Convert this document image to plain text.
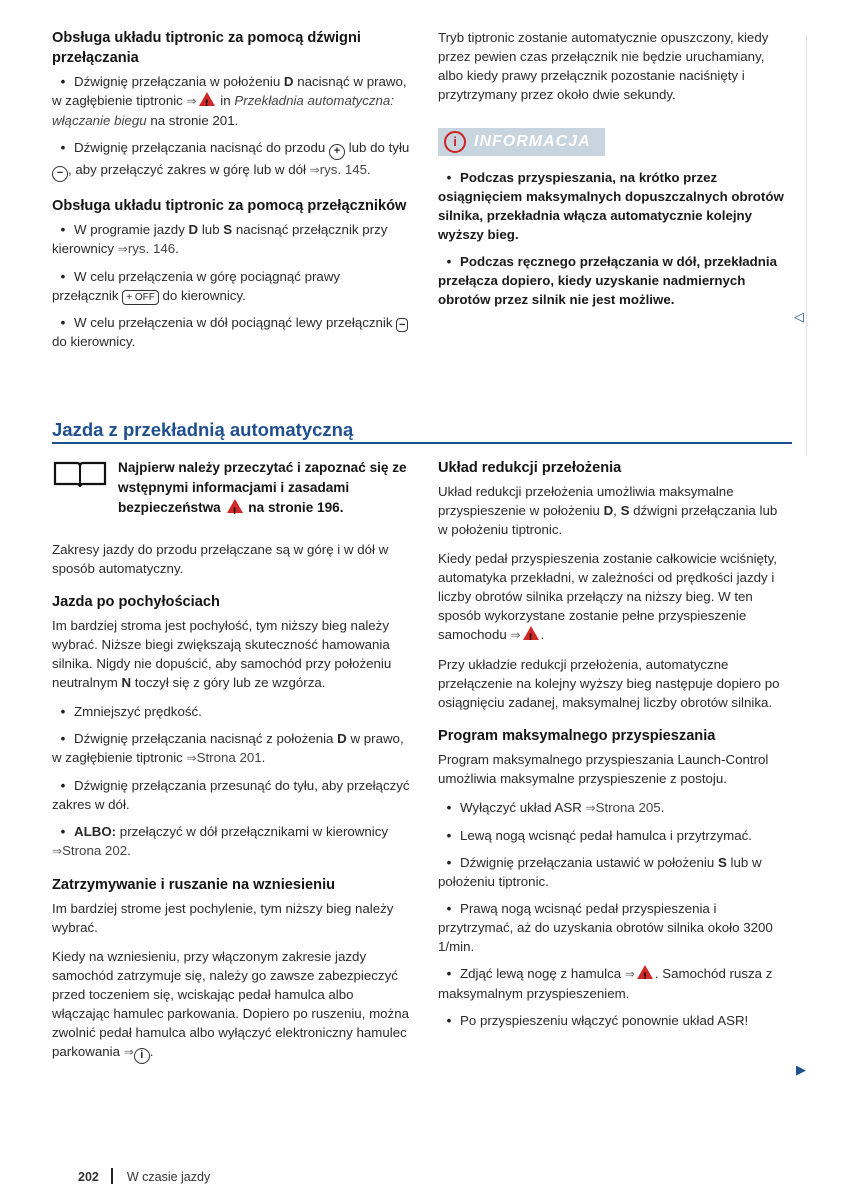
Obsługa układu tiptronic za pomocą dźwigni przełączania
• Dźwignię przełączania w położeniu D nacisnąć w prawo, w zagłębienie tiptronic ⇒! in Przekładnia automatyczna: włączanie biegu na stronie 201.
• Dźwignię przełączania nacisnąć do przodu + lub do tyłu − , aby przełączyć zakres w górę lub w dół ⇒rys. 145.
Obsługa układu tiptronic za pomocą przełączników
• W programie jazdy D lub S nacisnąć przełącznik przy kierownicy ⇒rys. 146.
• W celu przełączenia w górę pociągnąć prawy przełącznik + OFF do kierownicy.
• W celu przełączenia w dół pociągnąć lewy przełącznik − do kierownicy.

Tryb tiptronic zostanie automatycznie opuszczony, kiedy przez pewien czas przełącznik nie będzie uruchamiany, albo kiedy prawy przełącznik pozostanie naciśnięty i przytrzymany przez około dwie sekundy.

i INFORMACJA
• Podczas przyspieszania, na krótko przez osiągnięciem maksymalnych dopuszczalnych obrotów silnika, przekładnia włącza automatycznie kolejny wyższy bieg.
• Podczas ręcznego przełączania w dół, przekładnia przełącza dopiero, kiedy uzyskanie nadmiernych obrotów przez silnik nie jest możliwe.
◁
Jazda z przekładnią automatyczną
Najpierw należy przeczytać i zapoznać się ze wstępnymi informacjami i zasadami bezpieczeństwa ! na stronie 196.

Zakresy jazdy do przodu przełączane są w górę i w dół w sposób automatyczny.

Jazda po pochyłościach

Im bardziej stroma jest pochyłość, tym niższy bieg należy wybrać. Niższe biegi zwiększają skuteczność hamowania silnika. Nigdy nie dopuścić, aby samochód przy położeniu neutralnym N toczył się z góry lub ze wzgórza.

• Zmniejszyć prędkość.
• Dźwignię przełączania nacisnąć z położenia D w prawo, w zagłębienie tiptronic ⇒Strona 201.
• Dźwignię przełączania przesunąć do tyłu, aby przełączyć zakres w dół.
• ALBO: przełączyć w dół przełącznikami w kierownicy ⇒Strona 202.
Zatrzymywanie i ruszanie na wzniesieniu

Im bardziej strome jest pochylenie, tym niższy bieg należy wybrać.

Kiedy na wzniesieniu, przy włączonym zakresie jazdy samochód zatrzymuje się, należy go zawsze zabezpieczyć przed toczeniem się, wciskając pedał hamulca albo włączając hamulec parkowania. Dopiero po ruszeniu, można zwolnić pedał hamulca albo wyłączyć elektroniczny hamulec parkowania ⇒ i .

Układ redukcji przełożenia

Układ redukcji przełożenia umożliwia maksymalne przyspieszenie w położeniu D, S dźwigni przełączania lub w położeniu tiptronic.

Kiedy pedał przyspieszenia zostanie całkowicie wciśnięty, automatyka przekładni, w zależności od prędkości jazdy i liczby obrotów silnika przełączy na niższy bieg. W ten sposób wykorzystane zostanie pełne przyspieszenie samochodu ⇒ ! .

Przy układzie redukcji przełożenia, automatyczne przełączenie na kolejny wyższy bieg następuje dopiero po osiągnięciu zadanej, maksymalnej liczby obrotów silnika.

Program maksymalnego przyspieszania

Program maksymalnego przyspieszania Launch-Control umożliwia maksymalne przyspieszenie z postoju.

• Wyłączyć układ ASR ⇒Strona 205.
• Lewą nogą wcisnąć pedał hamulca i przytrzymać.
• Dźwignię przełączania ustawić w położeniu S lub w położeniu tiptronic.
• Prawą nogą wcisnąć pedał przyspieszenia i przytrzymać, aż do uzyskania obrotów silnika około 3200 1/min.
• Zdjąć lewą nogę z hamulca ⇒ ! . Samochód rusza z maksymalnym przyspieszeniem.
• Po przyspieszeniu włączyć ponownie układ ASR!
▶
202 W czasie jazdy
